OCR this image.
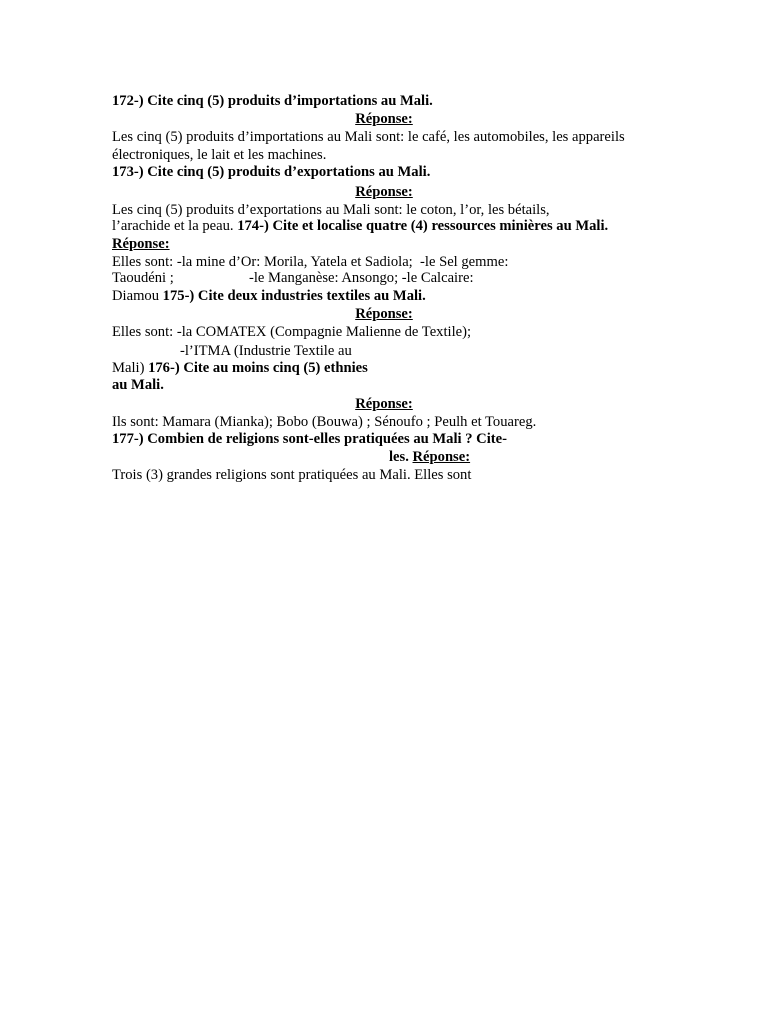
172-) Cite cinq (5) produits d’importations au Mali.
Réponse:
Les cinq (5) produits d’importations au Mali sont: le café, les automobiles, les appareils
électroniques, le lait et les machines.
173-) Cite cinq (5) produits d’exportations au Mali.
Réponse:
Les cinq (5) produits d’exportations au Mali sont: le coton, l’or, les bétails,
l’arachide et la peau. 174-) Cite et localise quatre (4) ressources minières au Mali.
Réponse:
Elles sont: -la mine d’Or: Morila, Yatela et Sadiola;  -le Sel gemme:
Taoudéni ;	-le Manganèse: Ansongo; -le Calcaire:
Diamou 175-) Cite deux industries textiles au Mali.
Réponse:
Elles sont: -la COMATEX (Compagnie Malienne de Textile);
-l’ITMA (Industrie Textile au
Mali) 176-) Cite au moins cinq (5) ethnies
au Mali.
Réponse:
Ils sont: Mamara (Mianka); Bobo (Bouwa) ; Sénoufo ; Peulh et Touareg.
177-) Combien de religions sont-elles pratiquées au Mali ? Cite-
les. Réponse:
Trois (3) grandes religions sont pratiquées au Mali. Elles sont
